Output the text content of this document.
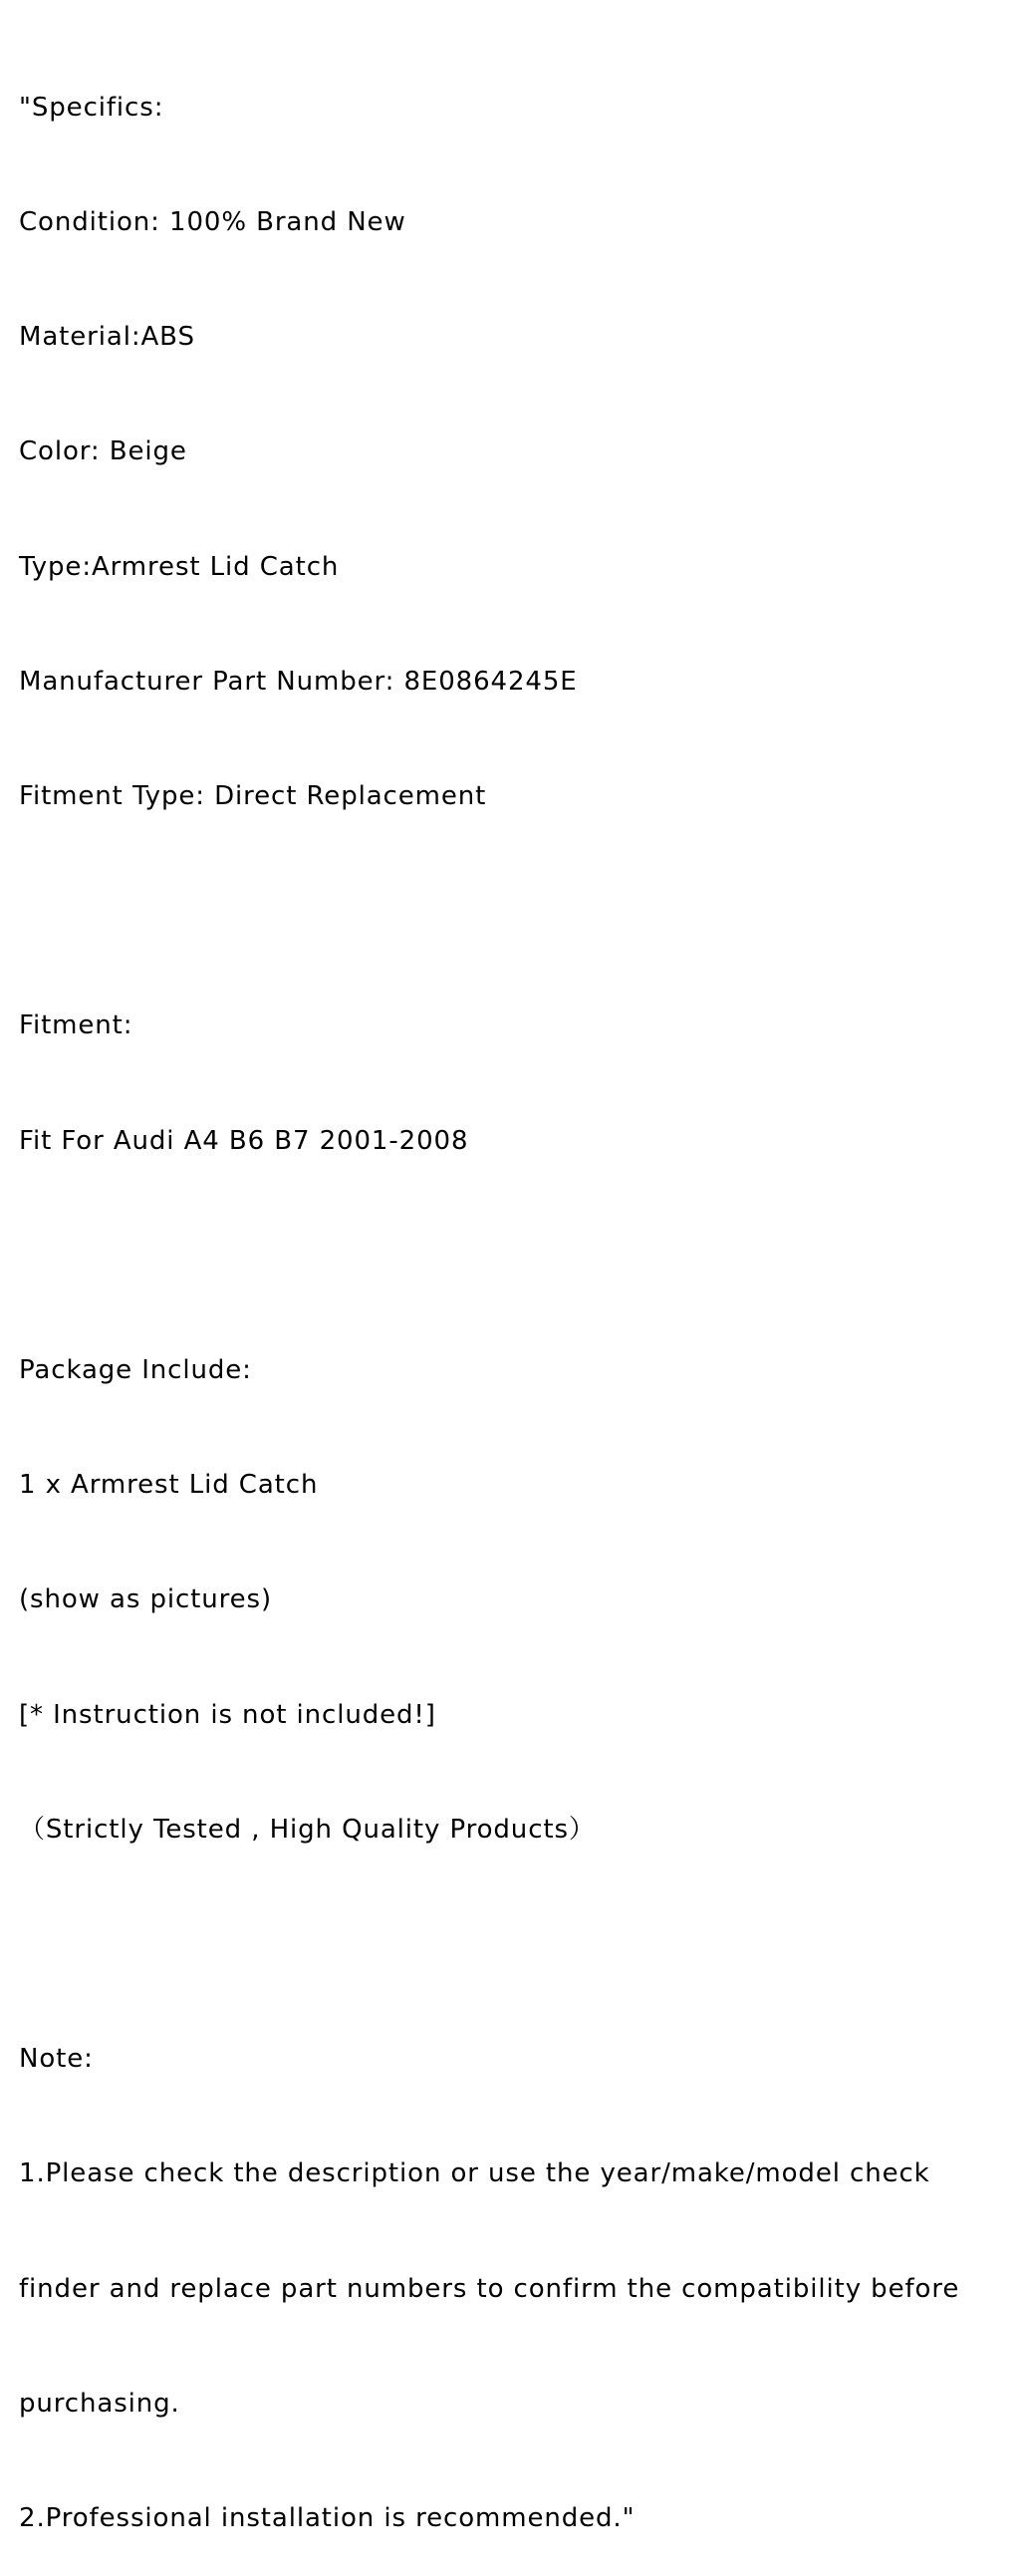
"Specifics:

Condition: 100% Brand New

Material:ABS

Color: Beige

Type:Armrest Lid Catch

Manufacturer Part Number: 8E0864245E

Fitment Type: Direct Replacement

Fitment:

Fit For Audi A4 B6 B7 2001-2008

Package Include:

1 x Armrest Lid Catch

(show as pictures)

[* Instruction is not included!]

（Strictly Tested , High Quality Products）

Note:

1.Please check the description or use the year/make/model check

finder and replace part numbers to confirm the compatibility before

purchasing.

2.Professional installation is recommended."
